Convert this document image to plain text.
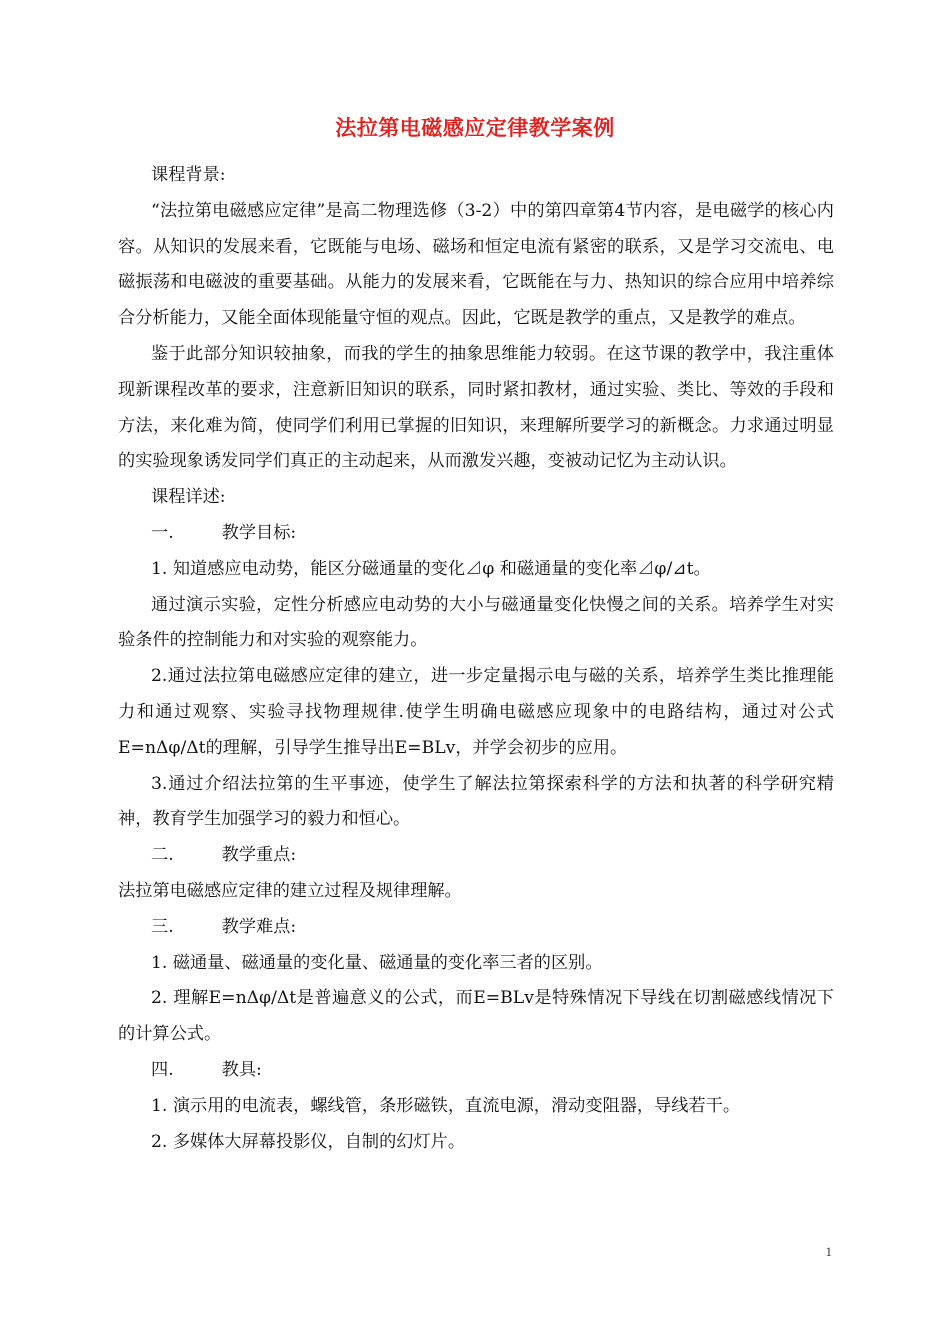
法拉第电磁感应定律教学案例

课程背景:

“法拉第电磁感应定律”是高二物理选修（3-2）中的第四章第4节内容，是电磁学的核心内容。从知识的发展来看，它既能与电场、磁场和恒定电流有紧密的联系，又是学习交流电、电磁振荡和电磁波的重要基础。从能力的发展来看，它既能在与力、热知识的综合应用中培养综合分析能力，又能全面体现能量守恒的观点。因此，它既是教学的重点，又是教学的难点。

鉴于此部分知识较抽象，而我的学生的抽象思维能力较弱。在这节课的教学中，我注重体现新课程改革的要求，注意新旧知识的联系，同时紧扣教材，通过实验、类比、等效的手段和方法，来化难为简，使同学们利用已掌握的旧知识，来理解所要学习的新概念。力求通过明显的实验现象诱发同学们真正的主动起来，从而激发兴趣，变被动记忆为主动认识。

课程详述:

一.	教学目标:

1. 知道感应电动势，能区分磁通量的变化⊿φ 和磁通量的变化率⊿φ/⊿t。

通过演示实验，定性分析感应电动势的大小与磁通量变化快慢之间的关系。培养学生对实验条件的控制能力和对实验的观察能力。

2.通过法拉第电磁感应定律的建立，进一步定量揭示电与磁的关系，培养学生类比推理能力和通过观察、实验寻找物理规律.使学生明确电磁感应现象中的电路结构，通过对公式E=nΔφ/Δt的理解，引导学生推导出E=BLv，并学会初步的应用。

3.通过介绍法拉第的生平事迹，使学生了解法拉第探索科学的方法和执著的科学研究精神，教育学生加强学习的毅力和恒心。

二.	教学重点:

法拉第电磁感应定律的建立过程及规律理解。

三.	教学难点:

1. 磁通量、磁通量的变化量、磁通量的变化率三者的区别。

2. 理解E=nΔφ/Δt是普遍意义的公式，而E=BLv是特殊情况下导线在切割磁感线情况下的计算公式。

四.	教具:

1. 演示用的电流表，螺线管，条形磁铁，直流电源，滑动变阻器，导线若干。

2. 多媒体大屏幕投影仪，自制的幻灯片。

1
